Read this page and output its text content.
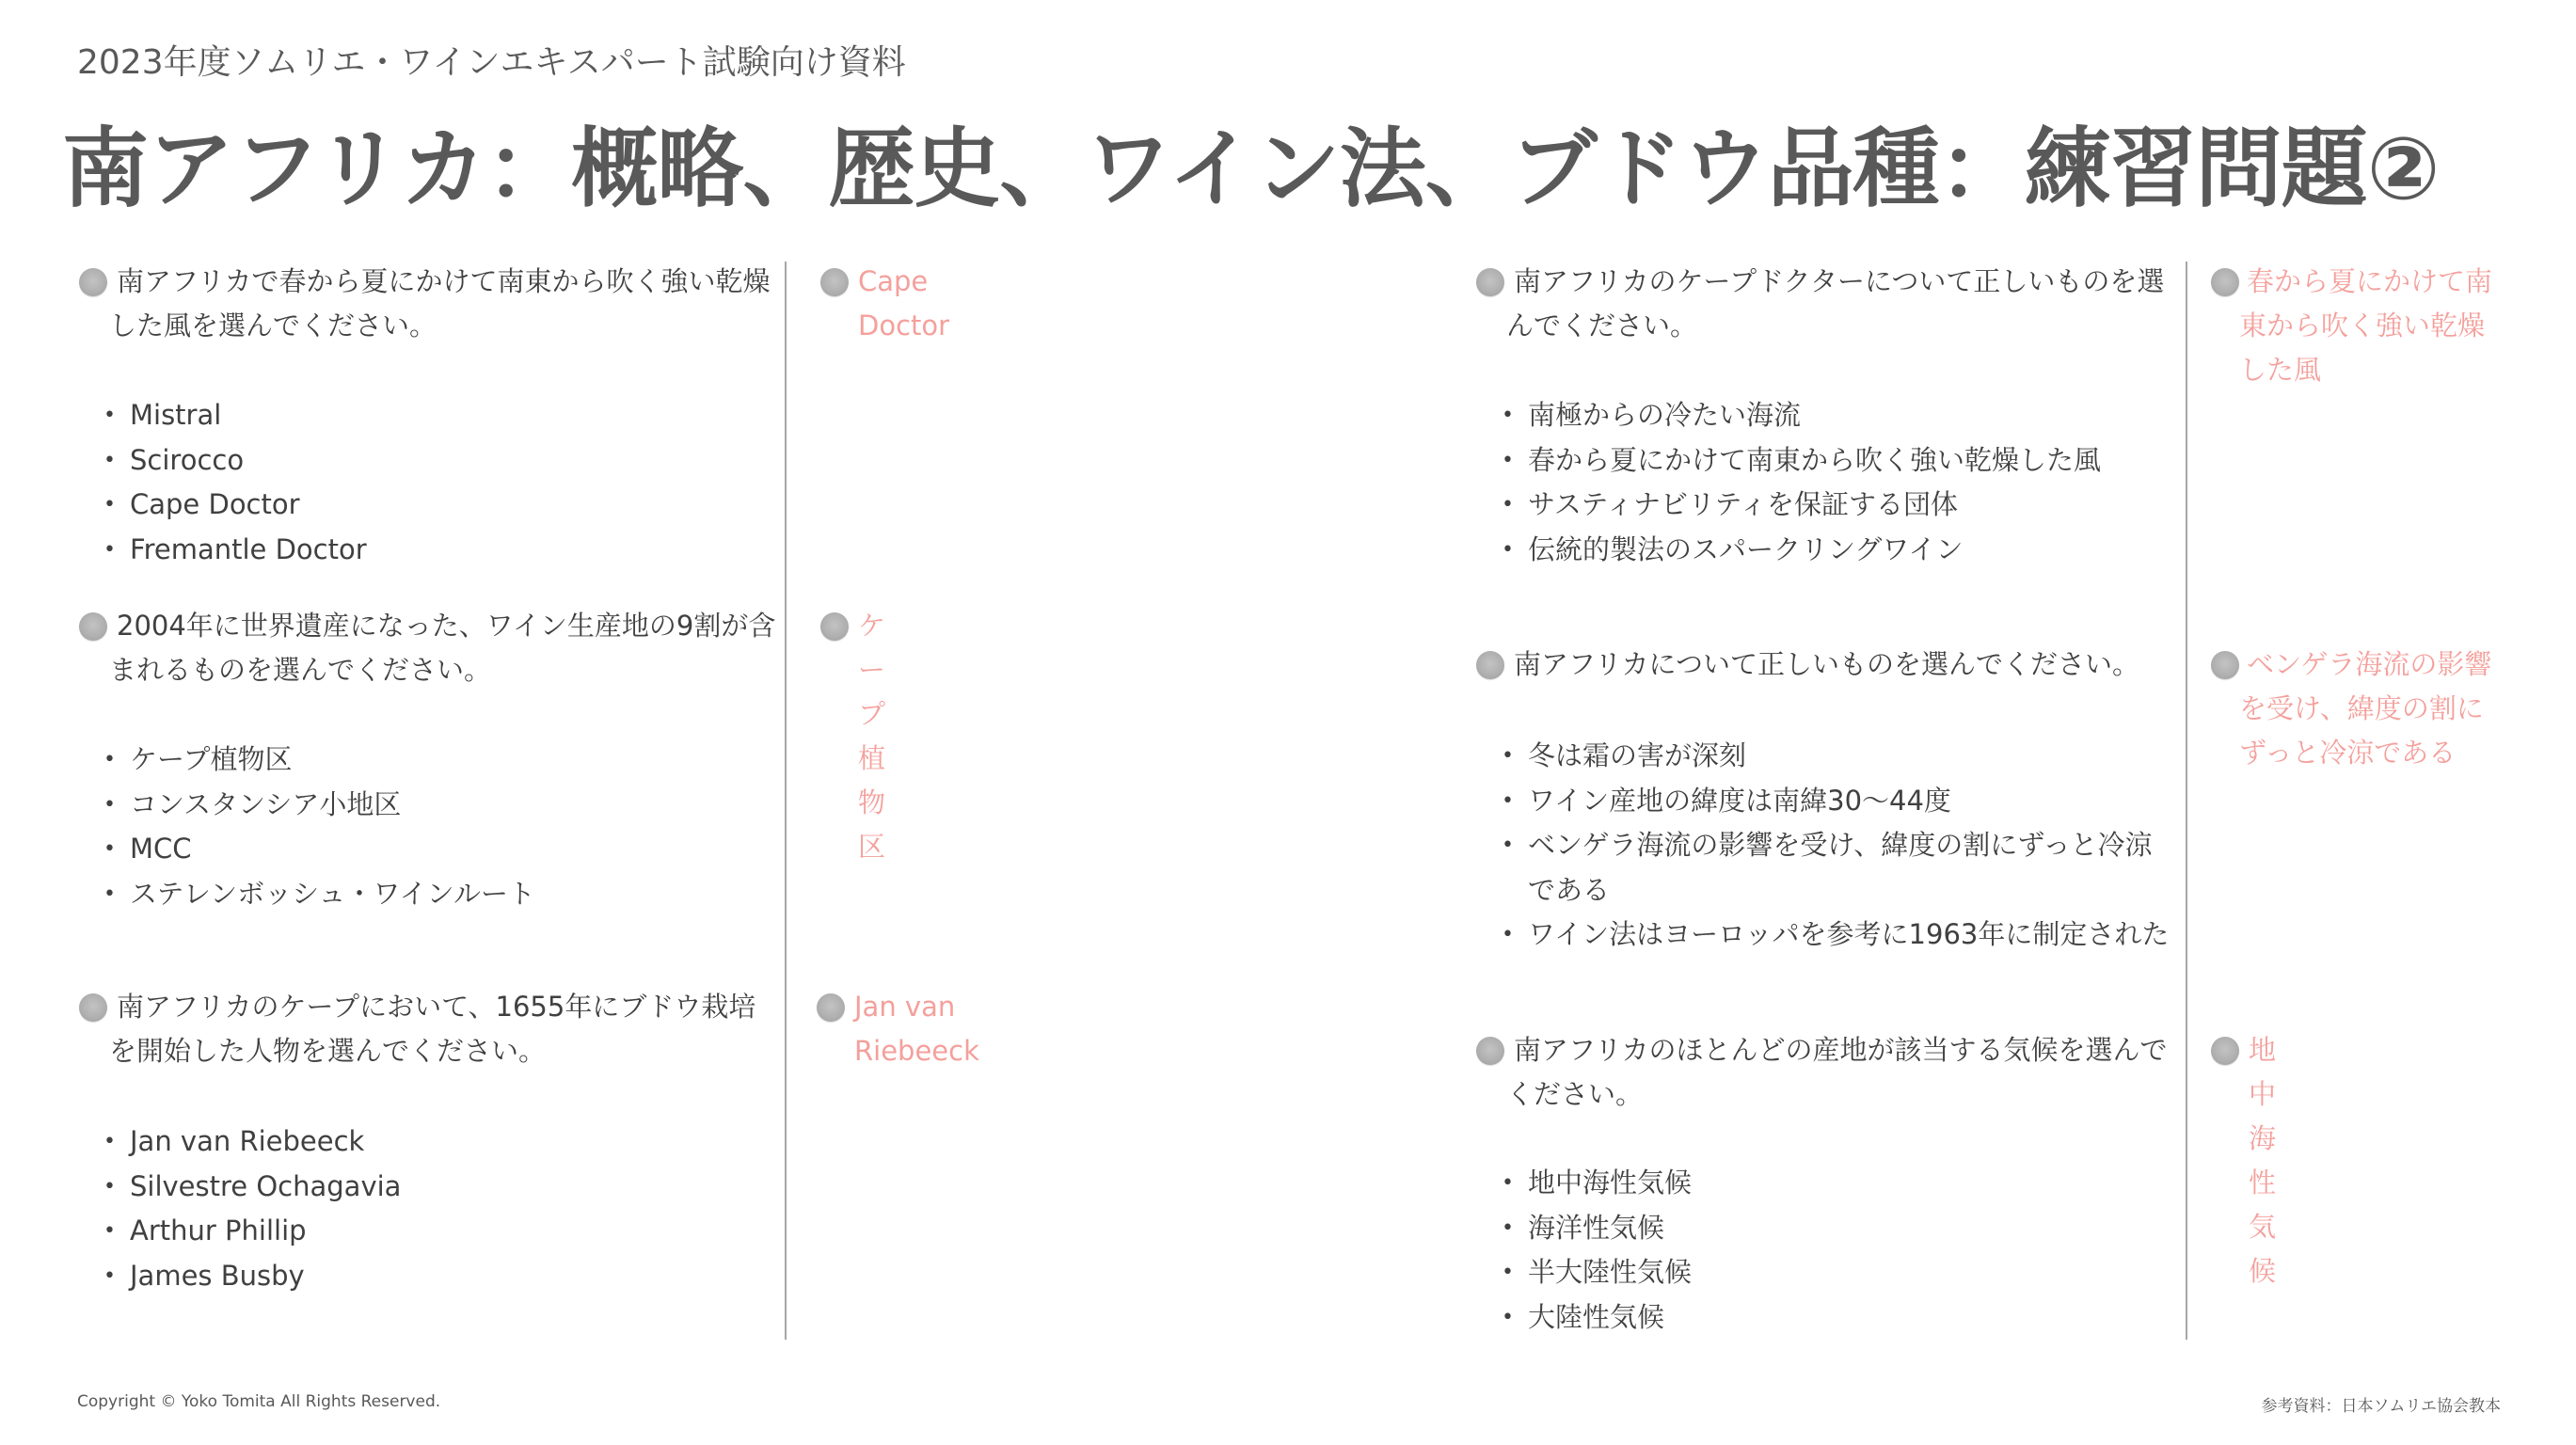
2023年度ソムリエ・ワインエキスパート試験向け資料
南アフリカ：概略、歴史、ワイン法、ブドウ品種：練習問題②
南アフリカで春から夏にかけて南東から吹く強い乾燥した風を選んでください。
• Mistral
• Scirocco
• Cape Doctor
• Fremantle Doctor
Cape Doctor
2004年に世界遺産になった、ワイン生産地の9割が含まれるものを選んでください。
• ケープ植物区
• コンスタンシア小地区
• MCC
• ステレンボッシュ・ワインルート
ケープ植物区
南アフリカのケープにおいて、1655年にブドウ栽培を開始した人物を選んでください。
• Jan van Riebeeck
• Silvestre Ochagavia
• Arthur Phillip
• James Busby
Jan van Riebeeck
南アフリカのケープドクターについて正しいものを選んでください。
• 南極からの冷たい海流
• 春から夏にかけて南東から吹く強い乾燥した風
• サスティナビリティを保証する団体
• 伝統的製法のスパークリングワイン
春から夏にかけて南東から吹く強い乾燥した風
南アフリカについて正しいものを選んでください。
• 冬は霜の害が深刻
• ワイン産地の緯度は南緯30〜44度
• ベンゲラ海流の影響を受け、緯度の割にずっと冷涼である
• ワイン法はヨーロッパを参考に1963年に制定された
ベンゲラ海流の影響を受け、緯度の割にずっと冷涼である
南アフリカのほとんどの産地が該当する気候を選んでください。
• 地中海性気候
• 海洋性気候
• 半大陸性気候
• 大陸性気候
地中海性気候
Copyright © Yoko Tomita All Rights Reserved.	参考資料：日本ソムリエ協会教本
